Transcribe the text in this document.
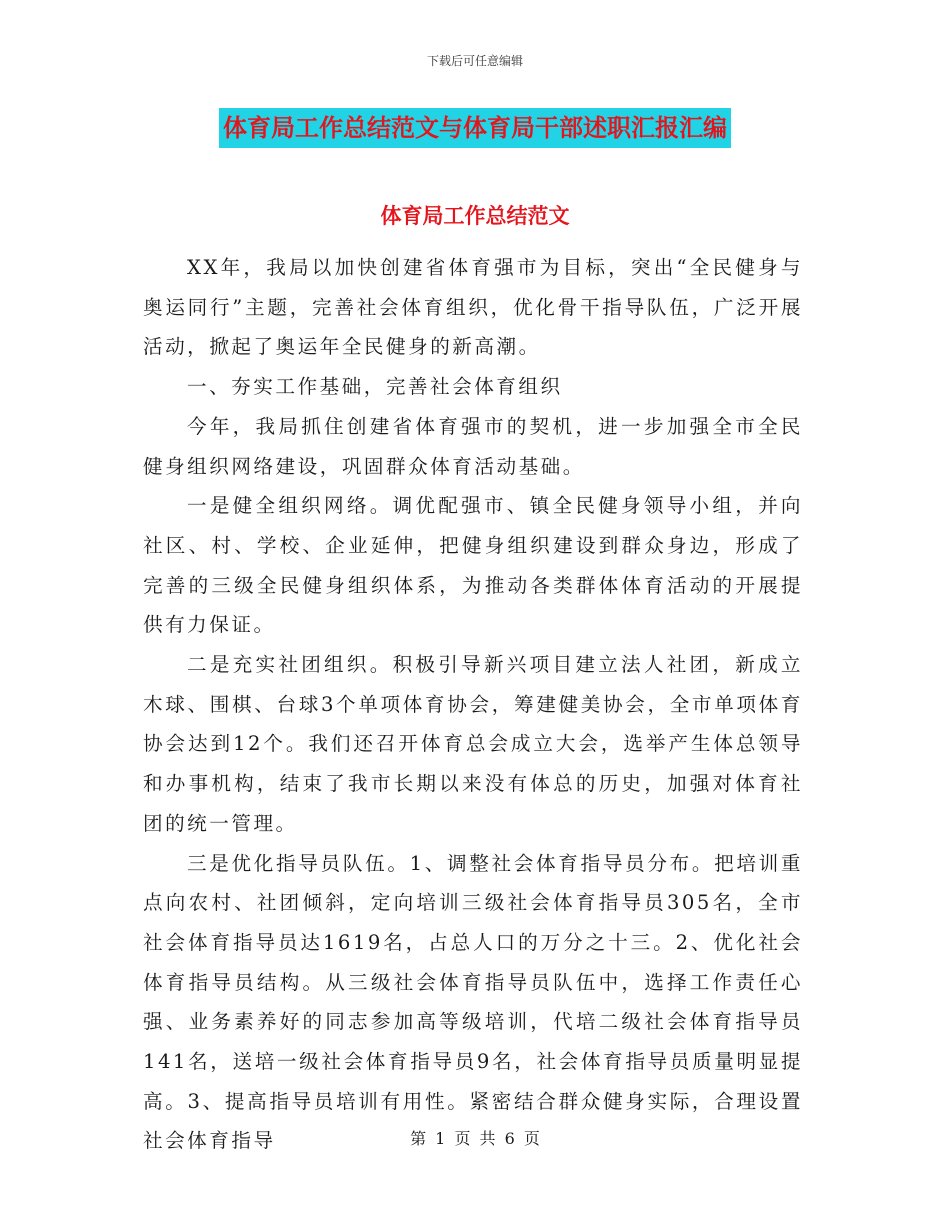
下载后可任意编辑
体育局工作总结范文与体育局干部述职汇报汇编
体育局工作总结范文

XX年，我局以加快创建省体育强市为目标，突出“全民健身与奥运同行”主题，完善社会体育组织，优化骨干指导队伍，广泛开展活动，掀起了奥运年全民健身的新高潮。

一、夯实工作基础，完善社会体育组织

今年，我局抓住创建省体育强市的契机，进一步加强全市全民健身组织网络建设，巩固群众体育活动基础。

一是健全组织网络。调优配强市、镇全民健身领导小组，并向社区、村、学校、企业延伸，把健身组织建设到群众身边，形成了完善的三级全民健身组织体系，为推动各类群体体育活动的开展提供有力保证。

二是充实社团组织。积极引导新兴项目建立法人社团，新成立木球、围棋、台球3个单项体育协会，筹建健美协会，全市单项体育协会达到12个。我们还召开体育总会成立大会，选举产生体总领导和办事机构，结束了我市长期以来没有体总的历史，加强对体育社团的统一管理。

三是优化指导员队伍。1、调整社会体育指导员分布。把培训重点向农村、社团倾斜，定向培训三级社会体育指导员305名，全市社会体育指导员达1619名，占总人口的万分之十三。2、优化社会体育指导员结构。从三级社会体育指导员队伍中，选择工作责任心强、业务素养好的同志参加高等级培训，代培二级社会体育指导员141名，送培一级社会体育指导员9名，社会体育指导员质量明显提高。3、提高指导员培训有用性。紧密结合群众健身实际，合理设置社会体育指导	第 1 页 共 6 页
